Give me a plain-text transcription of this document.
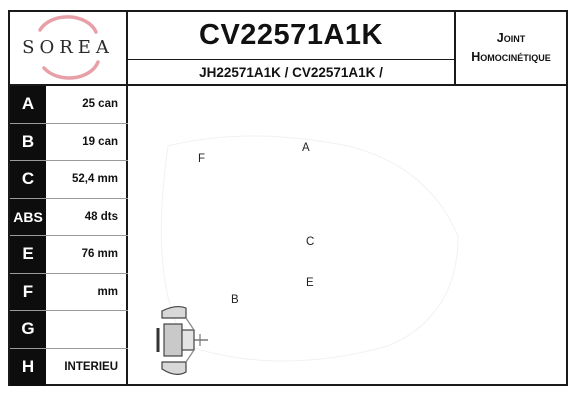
SOREA	CV22571A1K
JH22571A1K / CV22571A1K /
Joint
Homocinétique
A	25 can
B	19 can
C	52,4 mm
ABS	48 dts
E	76 mm
F	mm
G
H	INTERIEU
A
F
C
E
B
